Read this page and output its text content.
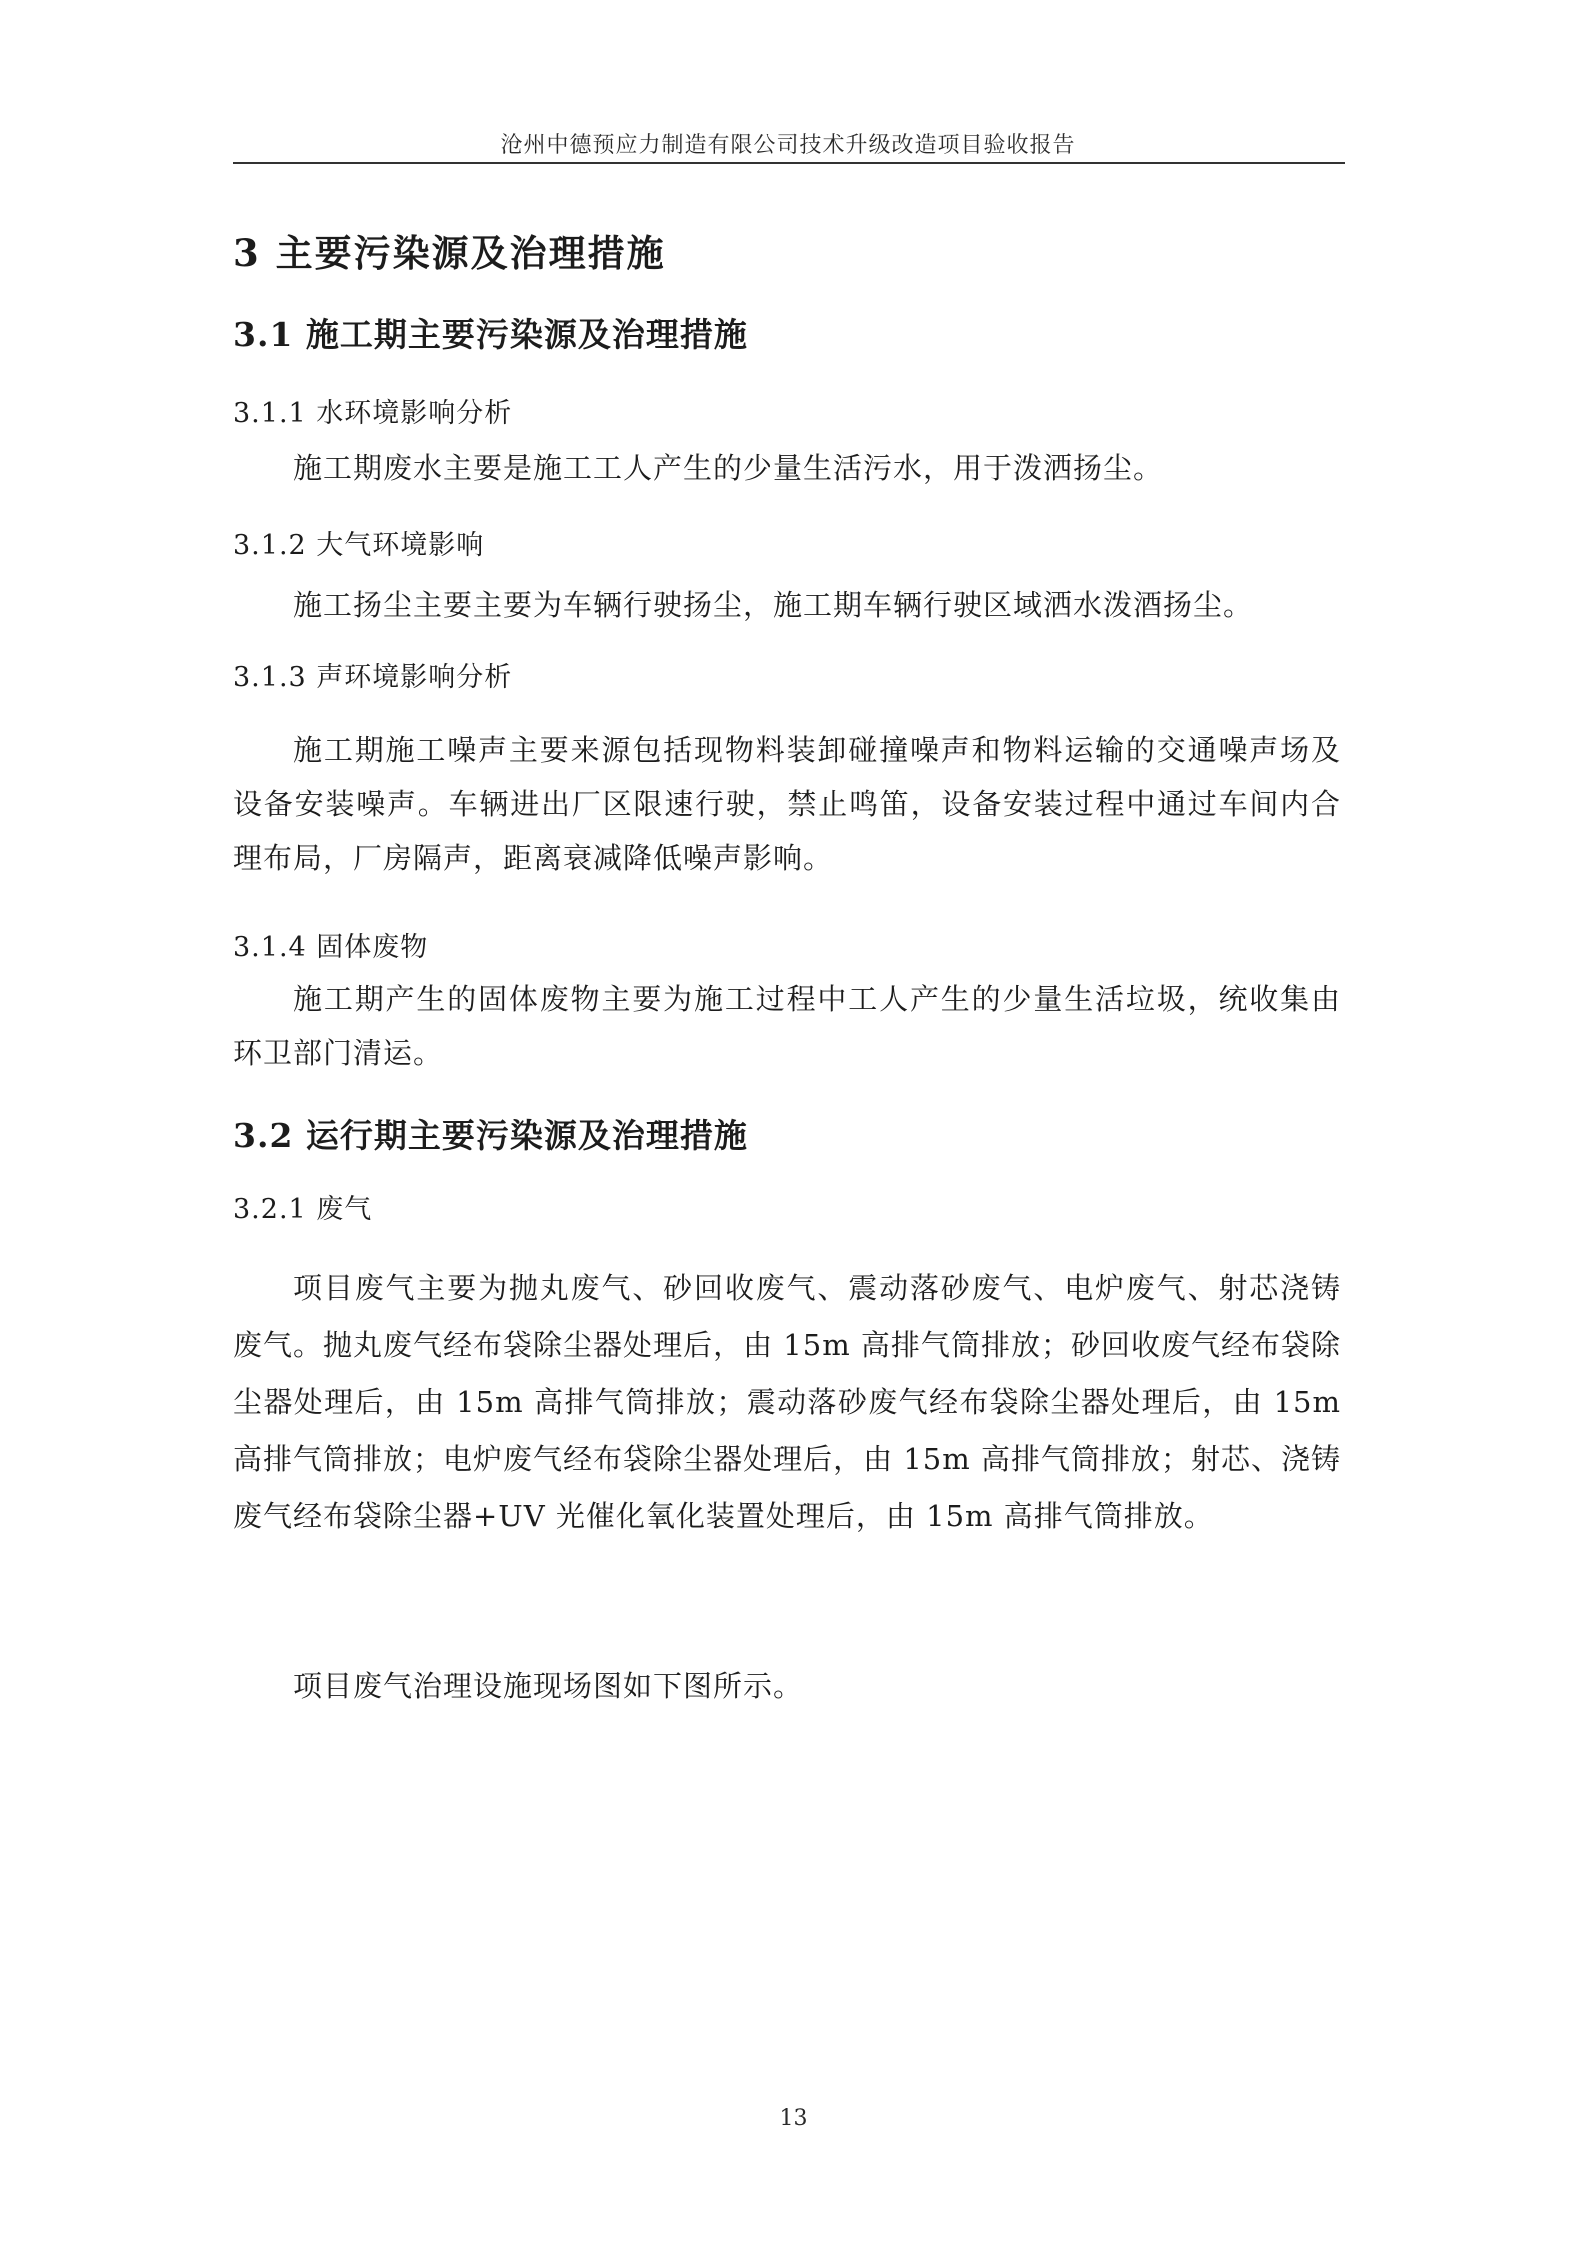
沧州中德预应力制造有限公司技术升级改造项目验收报告
3 主要污染源及治理措施
3.1 施工期主要污染源及治理措施
3.1.1 水环境影响分析

施工期废水主要是施工工人产生的少量生活污水，用于泼洒扬尘。

3.1.2 大气环境影响

施工扬尘主要主要为车辆行驶扬尘，施工期车辆行驶区域洒水泼酒扬尘。

3.1.3 声环境影响分析

施工期施工噪声主要来源包括现物料装卸碰撞噪声和物料运输的交通噪声场及设备安装噪声。车辆进出厂区限速行驶，禁止鸣笛，设备安装过程中通过车间内合理布局，厂房隔声，距离衰减降低噪声影响。

3.1.4 固体废物

施工期产生的固体废物主要为施工过程中工人产生的少量生活垃圾，统收集由环卫部门清运。

3.2 运行期主要污染源及治理措施
3.2.1 废气

项目废气主要为抛丸废气、砂回收废气、震动落砂废气、电炉废气、射芯浇铸废气。抛丸废气经布袋除尘器处理后，由 15m 高排气筒排放；砂回收废气经布袋除尘器处理后，由 15m 高排气筒排放；震动落砂废气经布袋除尘器处理后，由 15m 高排气筒排放；电炉废气经布袋除尘器处理后，由 15m 高排气筒排放；射芯、浇铸废气经布袋除尘器+UV 光催化氧化装置处理后，由 15m 高排气筒排放。

项目废气治理设施现场图如下图所示。

13
